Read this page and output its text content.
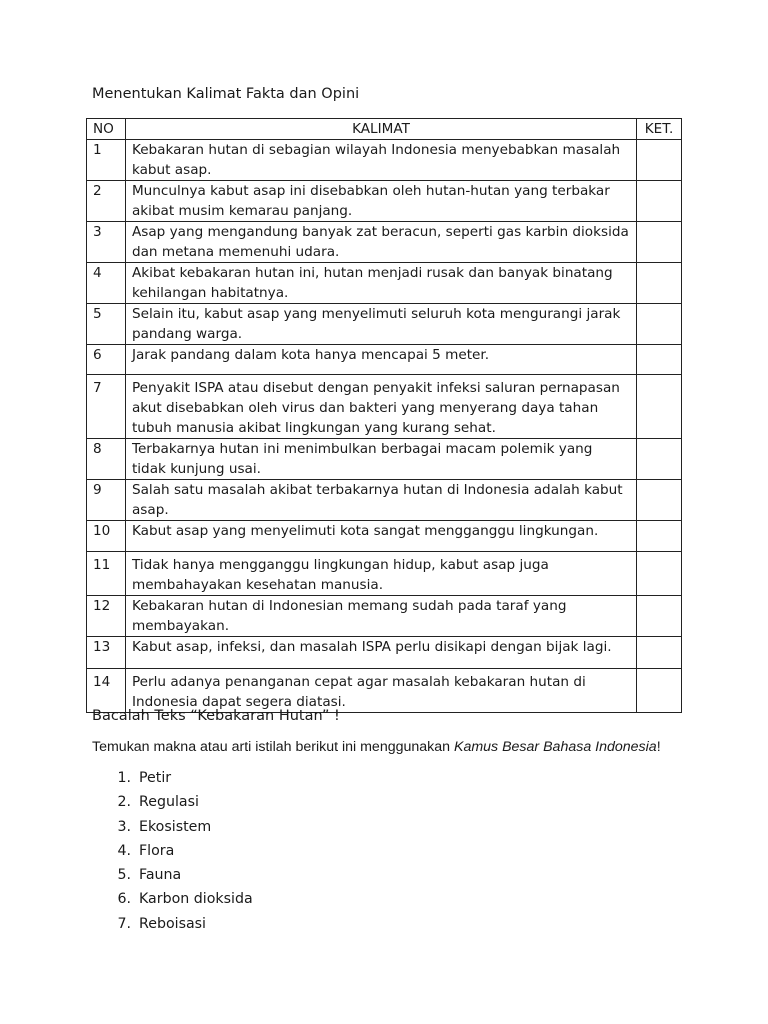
Menentukan Kalimat Fakta dan Opini
NO	KALIMAT	KET.
1	Kebakaran hutan di sebagian wilayah Indonesia menyebabkan masalah kabut asap.	
2	Munculnya kabut asap ini disebabkan oleh hutan-hutan yang terbakar akibat musim kemarau panjang.	
3	Asap yang mengandung banyak zat beracun, seperti gas karbin dioksida dan metana memenuhi udara.	
4	Akibat kebakaran hutan ini, hutan menjadi rusak dan banyak binatang kehilangan habitatnya.	
5	Selain itu, kabut asap yang menyelimuti seluruh kota mengurangi jarak pandang warga.	
6	Jarak pandang dalam kota hanya mencapai 5 meter.	
7	Penyakit ISPA atau disebut dengan penyakit infeksi saluran pernapasan akut disebabkan oleh virus dan bakteri yang menyerang daya tahan tubuh manusia akibat lingkungan yang kurang sehat.	
8	Terbakarnya hutan ini menimbulkan berbagai macam polemik yang tidak kunjung usai.	
9	Salah satu masalah akibat terbakarnya hutan di Indonesia adalah kabut asap.	
10	Kabut asap yang menyelimuti kota sangat mengganggu lingkungan.	
11	Tidak hanya mengganggu lingkungan hidup, kabut asap juga membahayakan kesehatan manusia.	
12	Kebakaran hutan di Indonesian memang sudah pada taraf yang membayakan.	
13	Kabut asap, infeksi, dan masalah ISPA perlu disikapi dengan bijak lagi.	
14	Perlu adanya penanganan cepat agar masalah kebakaran hutan di Indonesia dapat segera diatasi.	
Bacalah Teks “Kebakaran Hutan” !
Temukan makna atau arti istilah berikut ini menggunakan Kamus Besar Bahasa Indonesia!
1. Petir
2. Regulasi
3. Ekosistem
4. Flora
5. Fauna
6. Karbon dioksida
7. Reboisasi
